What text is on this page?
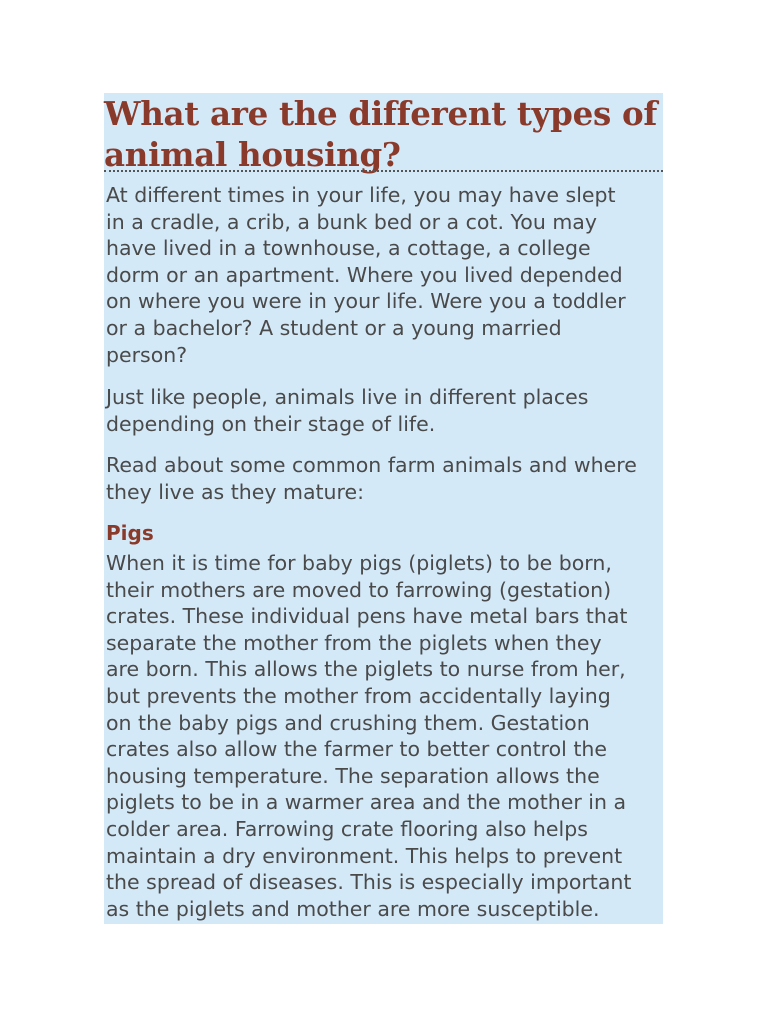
What are the different types of
animal housing?

At different times in your life, you may have slept
in a cradle, a crib, a bunk bed or a cot. You may
have lived in a townhouse, a cottage, a college
dorm or an apartment. Where you lived depended
on where you were in your life. Were you a toddler
or a bachelor? A student or a young married
person?

Just like people, animals live in different places
depending on their stage of life.

Read about some common farm animals and where
they live as they mature:

Pigs

When it is time for baby pigs (piglets) to be born,
their mothers are moved to farrowing (gestation)
crates. These individual pens have metal bars that
separate the mother from the piglets when they
are born. This allows the piglets to nurse from her,
but prevents the mother from accidentally laying
on the baby pigs and crushing them. Gestation
crates also allow the farmer to better control the
housing temperature. The separation allows the
piglets to be in a warmer area and the mother in a
colder area. Farrowing crate flooring also helps
maintain a dry environment. This helps to prevent
the spread of diseases. This is especially important
as the piglets and mother are more susceptible.
